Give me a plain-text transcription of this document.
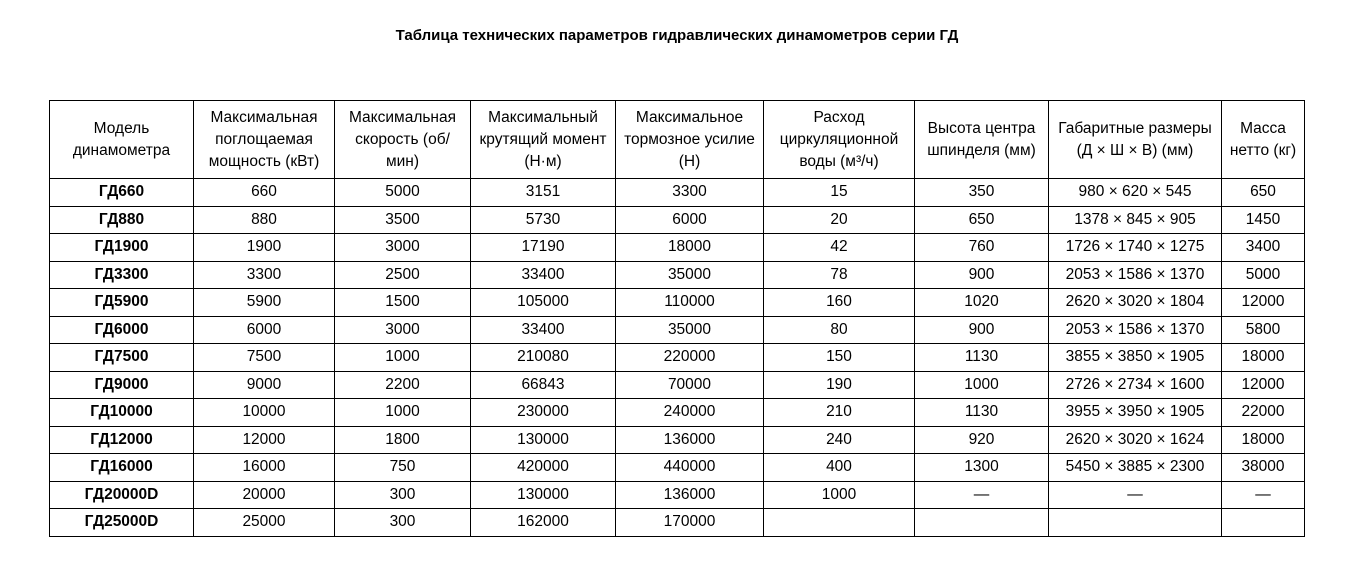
Таблица технических параметров гидравлических динамометров серии ГД
Модель динамометра	Максимальная поглощаемая мощность (кВт)	Максимальная скорость (об/мин)	Максимальный крутящий момент (Н·м)	Максимальное тормозное усилие (Н)	Расход циркуляционной воды (м³/ч)	Высота центра шпинделя (мм)	Габаритные размеры (Д × Ш × В) (мм)	Масса нетто (кг)
ГД660	660	5000	3151	3300	15	350	980 × 620 × 545	650
ГД880	880	3500	5730	6000	20	650	1378 × 845 × 905	1450
ГД1900	1900	3000	17190	18000	42	760	1726 × 1740 × 1275	3400
ГД3300	3300	2500	33400	35000	78	900	2053 × 1586 × 1370	5000
ГД5900	5900	1500	105000	110000	160	1020	2620 × 3020 × 1804	12000
ГД6000	6000	3000	33400	35000	80	900	2053 × 1586 × 1370	5800
ГД7500	7500	1000	210080	220000	150	1130	3855 × 3850 × 1905	18000
ГД9000	9000	2200	66843	70000	190	1000	2726 × 2734 × 1600	12000
ГД10000	10000	1000	230000	240000	210	1130	3955 × 3950 × 1905	22000
ГД12000	12000	1800	130000	136000	240	920	2620 × 3020 × 1624	18000
ГД16000	16000	750	420000	440000	400	1300	5450 × 3885 × 2300	38000
ГД20000D	20000	300	130000	136000	1000	—	—	—
ГД25000D	25000	300	162000	170000				
